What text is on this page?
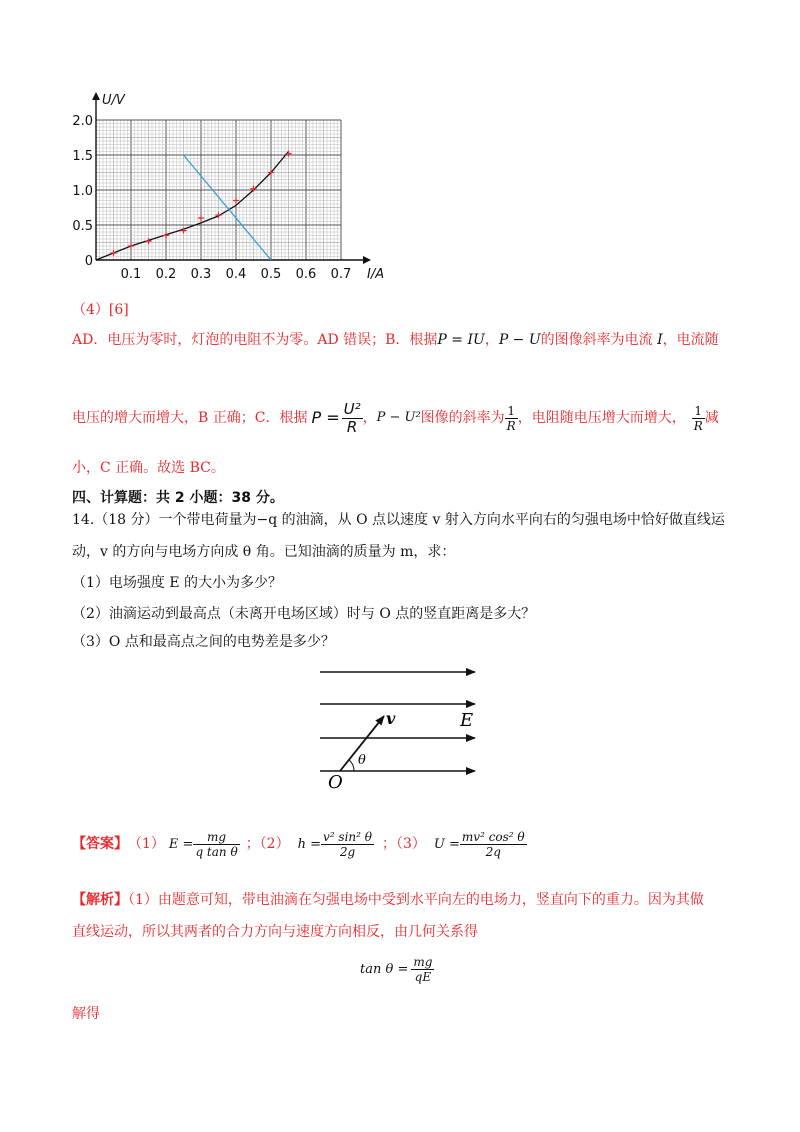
0.1 0.2 0.3 0.4 0.5 0.6 0.7
0
0.5
1.0
1.5
2.0
I/A
U/V
（4）[6]
AD．电压为零时，灯泡的电阻不为零。AD 错误；B．根据P = IU，P − U的图像斜率为电流 I，电流随
电压的增大而增大，B 正确；C．根据 $P = \frac{\text{U²}}{R}$ ， P − U² 图像的斜率为 $\frac{1}{R}$ ，电阻随电压增大而增大， $\frac{1}{R}$ 减
小，C 正确。故选 BC。
四、计算题：共 2 小题：38 分。
14.（18 分）一个带电荷量为−q 的油滴，从 O 点以速度 v 射入方向水平向右的匀强电场中恰好做直线运
动，v 的方向与电场方向成 θ 角。已知油滴的质量为 m，求：
（1）电场强度 E 的大小为多少？
（2）油滴运动到最高点（未离开电场区域）时与 O 点的竖直距离是多大？
（3）O 点和最高点之间的电势差是多少？
v	E
θ
O
【答案】 （1） $E = \frac{mg}{\text{q tan θ}}$ ；（2） $h = \frac{\text{v² sin² θ}}{2g}$ ；（3） $U = \frac{\text{mv² cos² θ}}{2q}$
【解析】（1）由题意可知，带电油滴在匀强电场中受到水平向左的电场力，竖直向下的重力。因为其做
直线运动，所以其两者的合力方向与速度方向相反，由几何关系得
$\tan \theta = \frac{mg}{qE}$
解得
